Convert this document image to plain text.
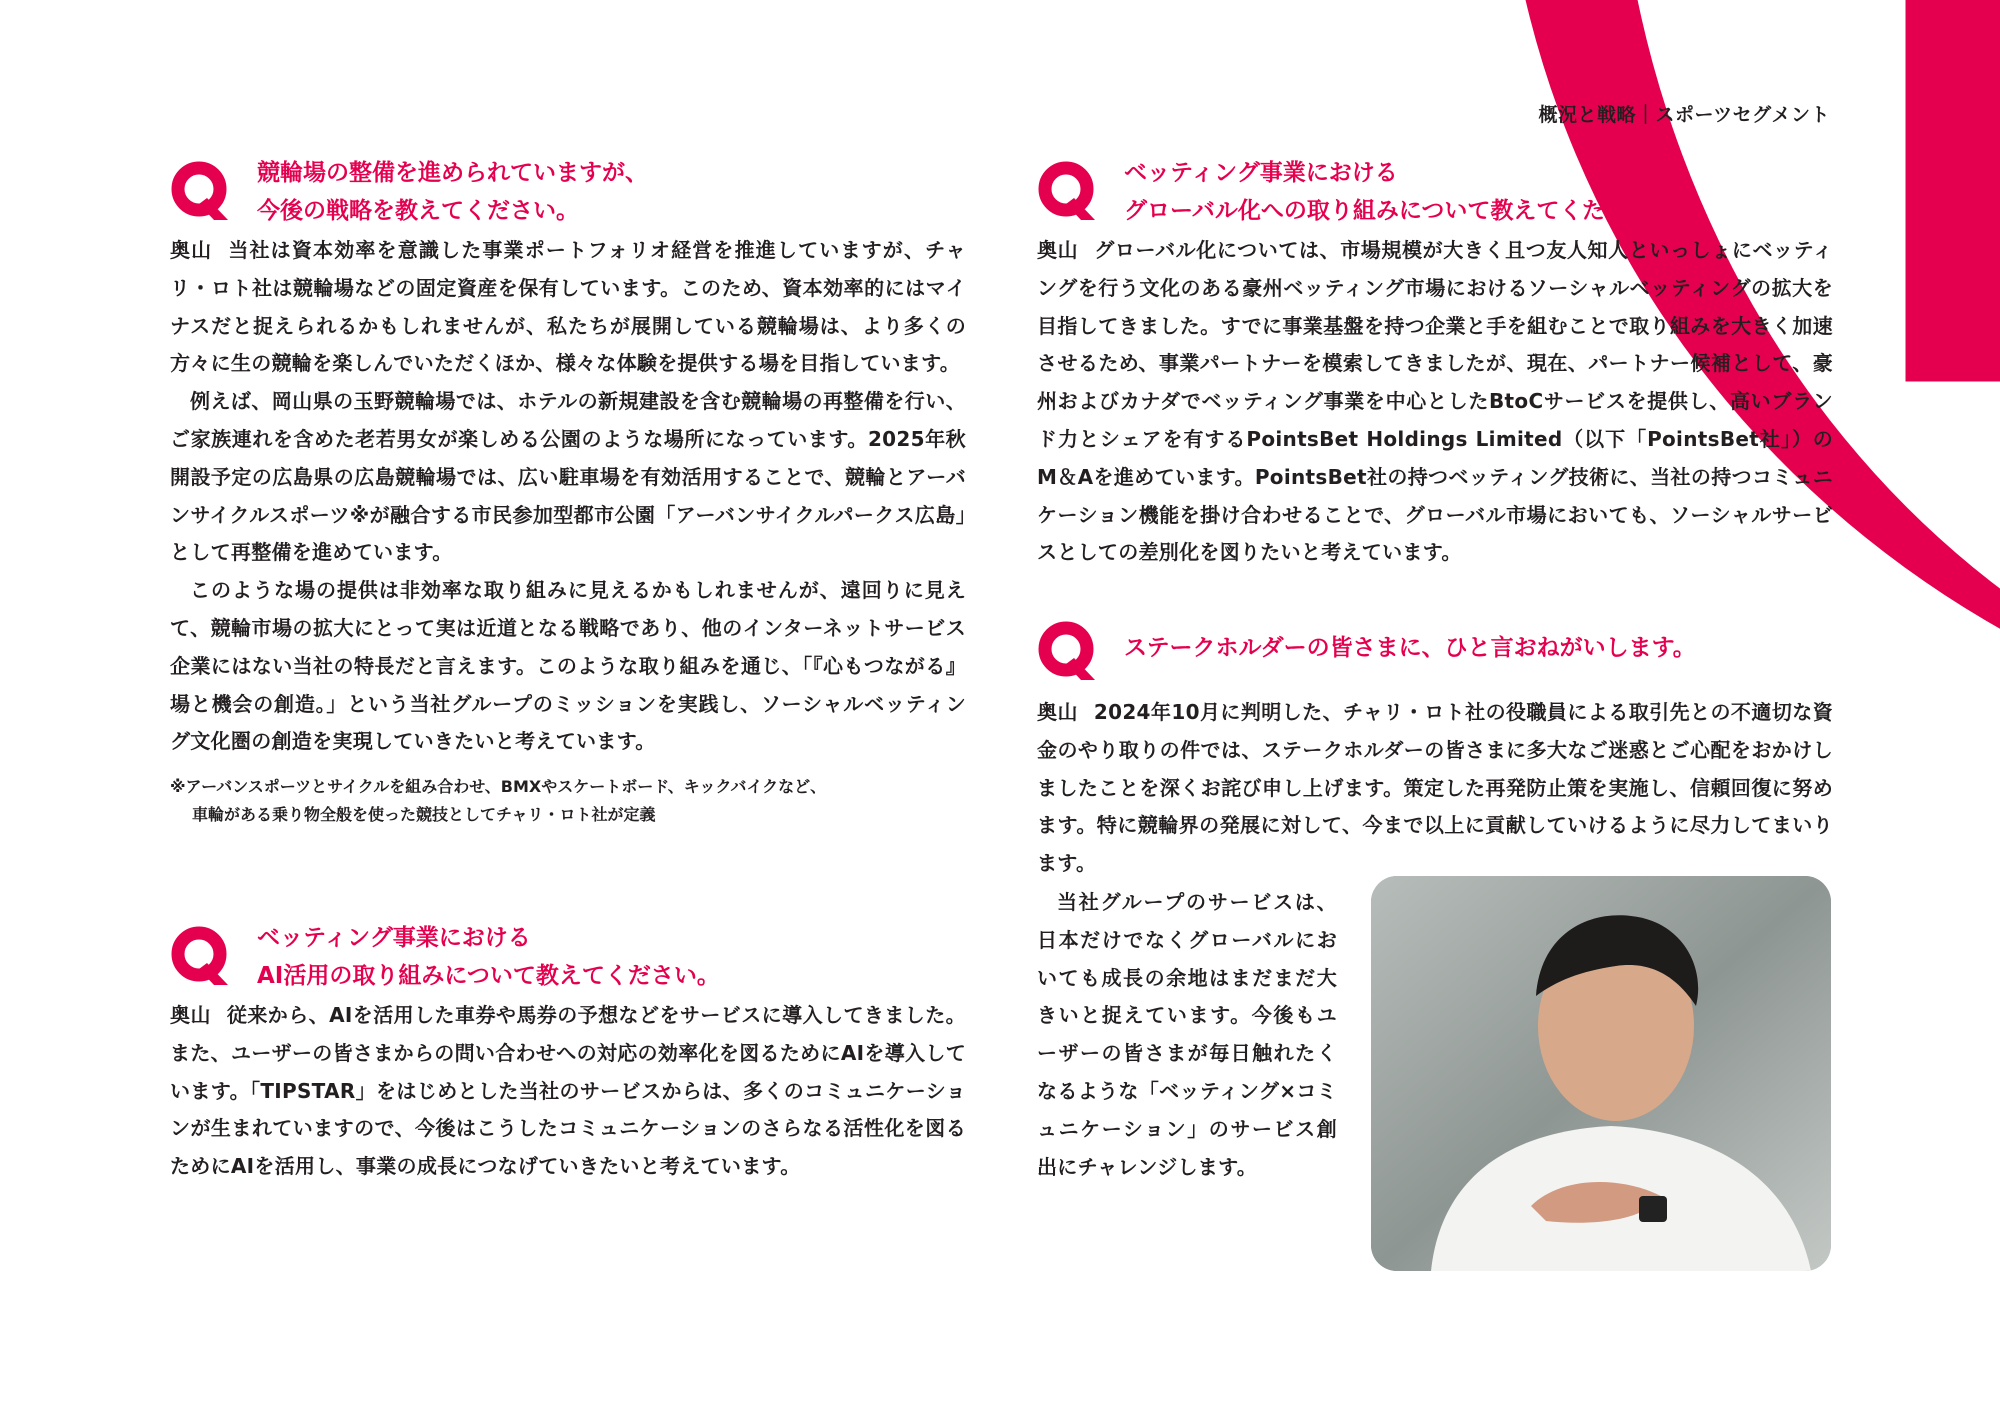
概況と戦略｜スポーツセグメント
競輪場の整備を進められていますが、
今後の戦略を教えてください。

奥山 当社は資本効率を意識した事業ポートフォリオ経営を推進していますが、チャリ・ロト社は競輪場などの固定資産を保有しています。このため、資本効率的にはマイナスだと捉えられるかもしれませんが、私たちが展開している競輪場は、より多くの方々に生の競輪を楽しんでいただくほか、様々な体験を提供する場を目指しています。

例えば、岡山県の玉野競輪場では、ホテルの新規建設を含む競輪場の再整備を行い、ご家族連れを含めた老若男女が楽しめる公園のような場所になっています。2025年秋開設予定の広島県の広島競輪場では、広い駐車場を有効活用することで、競輪とアーバンサイクルスポーツ※が融合する市民参加型都市公園「アーバンサイクルパークス広島」として再整備を進めています。

このような場の提供は非効率な取り組みに見えるかもしれませんが、遠回りに見えて、競輪市場の拡大にとって実は近道となる戦略であり、他のインターネットサービス企業にはない当社の特長だと言えます。このような取り組みを通じ、「『心もつながる』場と機会の創造。」という当社グループのミッションを実践し、ソーシャルベッティング文化圏の創造を実現していきたいと考えています。

※アーバンスポーツとサイクルを組み合わせ、BMXやスケートボード、キックバイクなど、
車輪がある乗り物全般を使った競技としてチャリ・ロト社が定義
ベッティング事業における
AI活用の取り組みについて教えてください。

奥山 従来から、AIを活用した車券や馬券の予想などをサービスに導入してきました。また、ユーザーの皆さまからの問い合わせへの対応の効率化を図るためにAIを導入しています。「TIPSTAR」をはじめとした当社のサービスからは、多くのコミュニケーションが生まれていますので、今後はこうしたコミュニケーションのさらなる活性化を図るためにAIを活用し、事業の成長につなげていきたいと考えています。

ベッティング事業における
グローバル化への取り組みについて教えてください。

奥山 グローバル化については、市場規模が大きく且つ友人知人といっしょにベッティングを行う文化のある豪州ベッティング市場におけるソーシャルベッティングの拡大を目指してきました。すでに事業基盤を持つ企業と手を組むことで取り組みを大きく加速させるため、事業パートナーを模索してきましたが、現在、パートナー候補として、豪州およびカナダでベッティング事業を中心としたBtoCサービスを提供し、高いブランド力とシェアを有するPointsBet Holdings Limited（以下「PointsBet社」）のM＆Aを進めています。PointsBet社の持つベッティング技術に、当社の持つコミュニケーション機能を掛け合わせることで、グローバル市場においても、ソーシャルサービスとしての差別化を図りたいと考えています。

ステークホルダーの皆さまに、ひと言おねがいします。

奥山 2024年10月に判明した、チャリ・ロト社の役職員による取引先との不適切な資金のやり取りの件では、ステークホルダーの皆さまに多大なご迷惑とご心配をおかけしましたことを深くお詫び申し上げます。策定した再発防止策を実施し、信頼回復に努めます。特に競輪界の発展に対して、今まで以上に貢献していけるように尽力してまいります。

当社グループのサービスは、日本だけでなくグローバルにおいても成長の余地はまだまだ大きいと捉えています。今後もユーザーの皆さまが毎日触れたくなるような「ベッティング×コミュニケーション」のサービス創出にチャレンジします。
